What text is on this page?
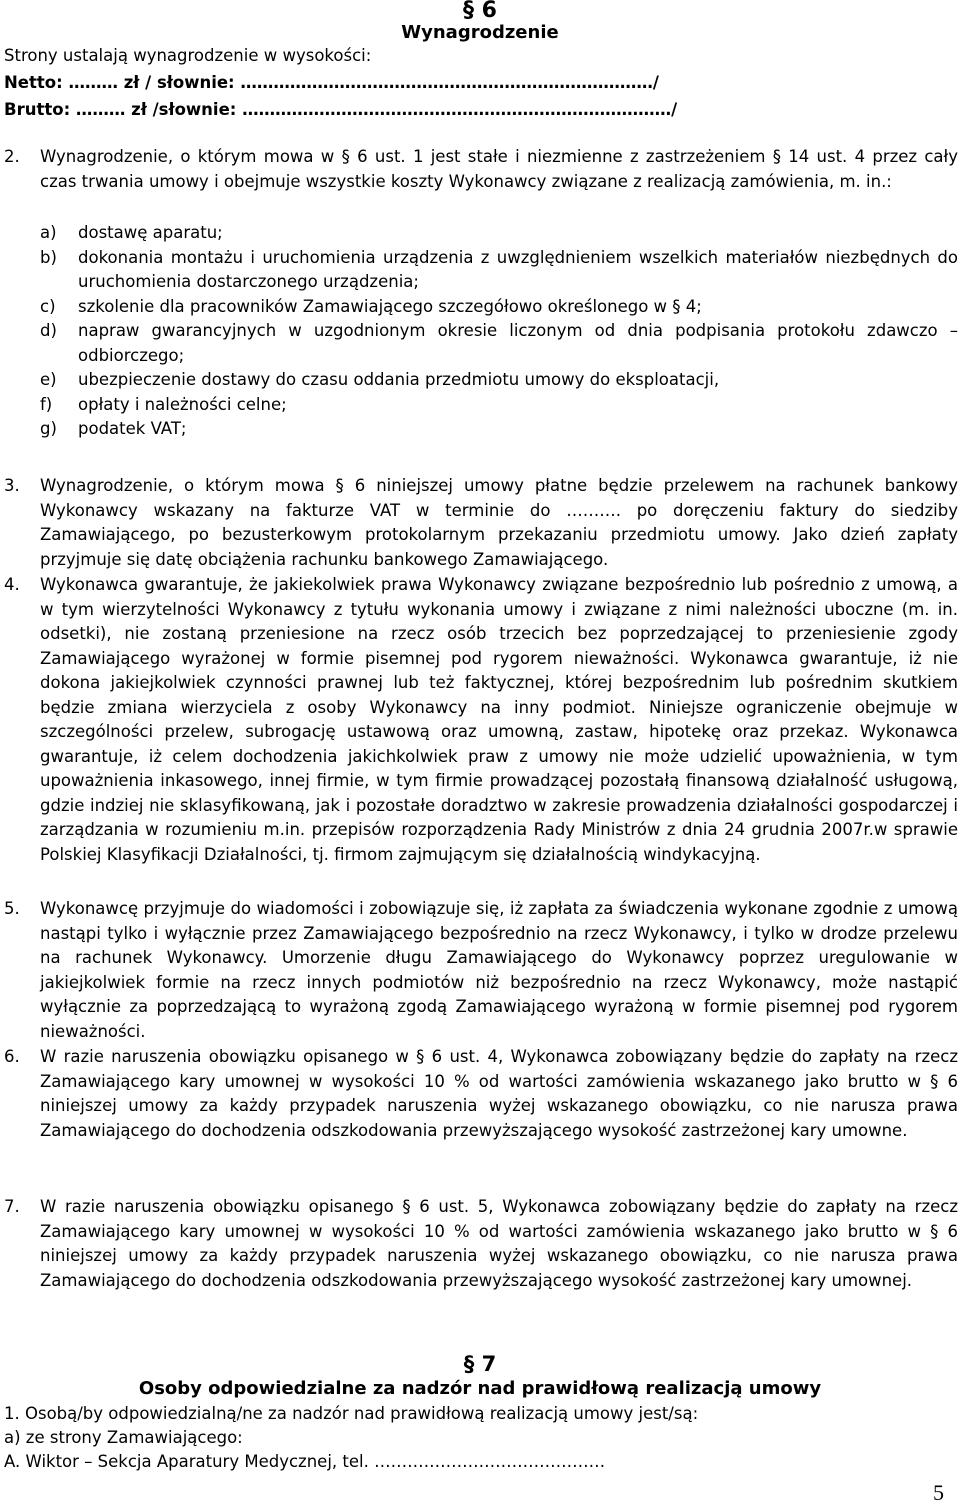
§ 6
Wynagrodzenie
Strony ustalają wynagrodzenie w wysokości:
Netto: ……… zł / słownie: …………………………………………………………………/
Brutto: ……… zł /słownie: ……………………………………………………………………/
2. Wynagrodzenie, o którym mowa w § 6 ust. 1 jest stałe i niezmienne z zastrzeżeniem § 14 ust. 4 przez cały czas trwania umowy i obejmuje wszystkie koszty Wykonawcy związane z realizacją zamówienia, m. in.:
a) dostawę aparatu;
b) dokonania montażu i uruchomienia urządzenia z uwzględnieniem wszelkich materiałów niezbędnych do uruchomienia dostarczonego urządzenia;
c) szkolenie dla pracowników Zamawiającego szczegółowo określonego w § 4;
d) napraw gwarancyjnych w uzgodnionym okresie liczonym od dnia podpisania protokołu zdawczo – odbiorczego;
e) ubezpieczenie dostawy do czasu oddania przedmiotu umowy do eksploatacji,
f) opłaty i należności celne;
g) podatek VAT;
3. Wynagrodzenie, o którym mowa § 6 niniejszej umowy płatne będzie przelewem na rachunek bankowy Wykonawcy wskazany na fakturze VAT w terminie do ………. po doręczeniu faktury do siedziby Zamawiającego, po bezusterkowym protokolarnym przekazaniu przedmiotu umowy. Jako dzień zapłaty przyjmuje się datę obciążenia rachunku bankowego Zamawiającego.
4. Wykonawca gwarantuje, że jakiekolwiek prawa Wykonawcy związane bezpośrednio lub pośrednio z umową, a w tym wierzytelności Wykonawcy z tytułu wykonania umowy i związane z nimi należności uboczne (m. in. odsetki), nie zostaną przeniesione na rzecz osób trzecich bez poprzedzającej to przeniesienie zgody Zamawiającego wyrażonej w formie pisemnej pod rygorem nieważności. Wykonawca gwarantuje, iż nie dokona jakiejkolwiek czynności prawnej lub też faktycznej, której bezpośrednim lub pośrednim skutkiem będzie zmiana wierzyciela z osoby Wykonawcy na inny podmiot. Niniejsze ograniczenie obejmuje w szczególności przelew, subrogację ustawową oraz umowną, zastaw, hipotekę oraz przekaz. Wykonawca gwarantuje, iż celem dochodzenia jakichkolwiek praw z umowy nie może udzielić upoważnienia, w tym upoważnienia inkasowego, innej firmie, w tym firmie prowadzącej pozostałą finansową działalność usługową, gdzie indziej nie sklasyfikowaną, jak i pozostałe doradztwo w zakresie prowadzenia działalności gospodarczej i zarządzania w rozumieniu m.in. przepisów rozporządzenia Rady Ministrów z dnia 24 grudnia 2007r.w sprawie Polskiej Klasyfikacji Działalności, tj. firmom zajmującym się działalnością windykacyjną.
5. Wykonawcę przyjmuje do wiadomości i zobowiązuje się, iż zapłata za świadczenia wykonane zgodnie z umową nastąpi tylko i wyłącznie przez Zamawiającego bezpośrednio na rzecz Wykonawcy, i tylko w drodze przelewu na rachunek Wykonawcy. Umorzenie długu Zamawiającego do Wykonawcy poprzez uregulowanie w jakiejkolwiek formie na rzecz innych podmiotów niż bezpośrednio na rzecz Wykonawcy, może nastąpić wyłącznie za poprzedzającą to wyrażoną zgodą Zamawiającego wyrażoną w formie pisemnej pod rygorem nieważności.
6. W razie naruszenia obowiązku opisanego w § 6 ust. 4, Wykonawca zobowiązany będzie do zapłaty na rzecz Zamawiającego kary umownej w wysokości 10 % od wartości zamówienia wskazanego jako brutto w § 6 niniejszej umowy za każdy przypadek naruszenia wyżej wskazanego obowiązku, co nie narusza prawa Zamawiającego do dochodzenia odszkodowania przewyższającego wysokość zastrzeżonej kary umowne.
7. W razie naruszenia obowiązku opisanego § 6 ust. 5, Wykonawca zobowiązany będzie do zapłaty na rzecz Zamawiającego kary umownej w wysokości 10 % od wartości zamówienia wskazanego jako brutto w § 6 niniejszej umowy za każdy przypadek naruszenia wyżej wskazanego obowiązku, co nie narusza prawa Zamawiającego do dochodzenia odszkodowania przewyższającego wysokość zastrzeżonej kary umownej.
§ 7
Osoby odpowiedzialne za nadzór nad prawidłową realizacją umowy
1. Osobą/by odpowiedzialną/ne za nadzór nad prawidłową realizacją umowy jest/są:
a) ze strony Zamawiającego:
A. Wiktor – Sekcja Aparatury Medycznej, tel. ……………………………………
5
